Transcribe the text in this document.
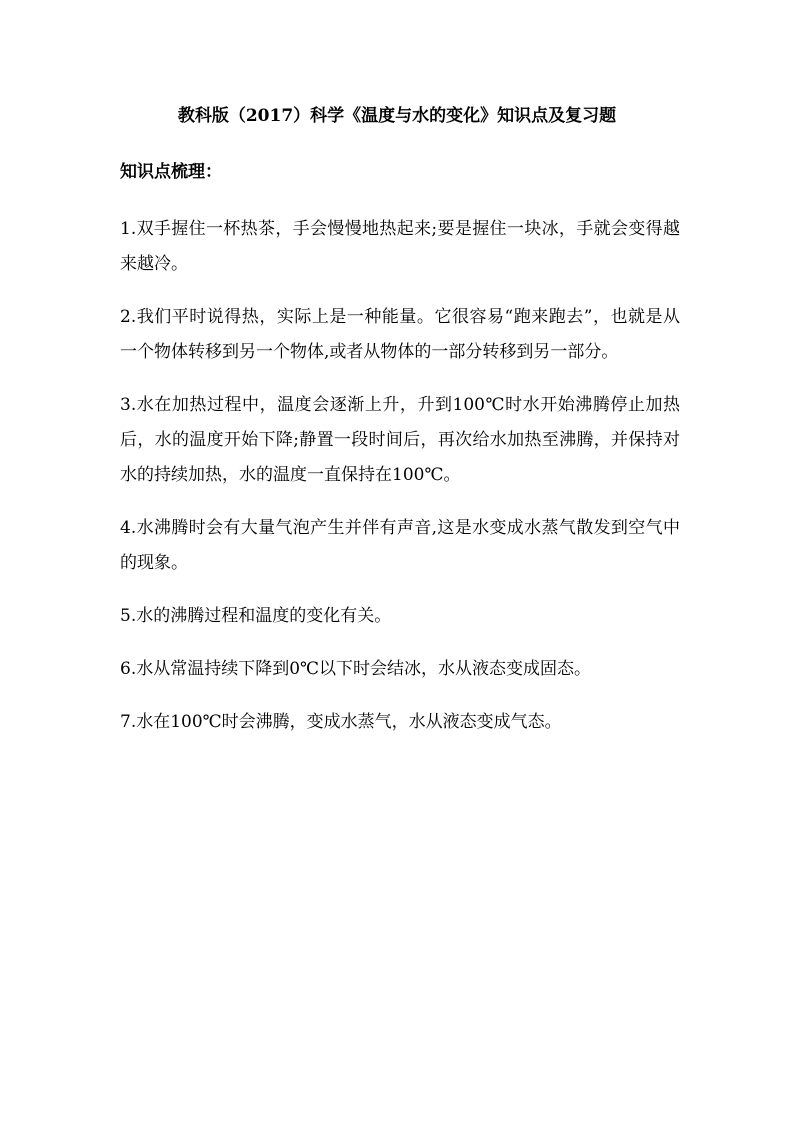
教科版（2017）科学《温度与水的变化》知识点及复习题
知识点梳理：

1.双手握住一杯热茶，手会慢慢地热起来;要是握住一块冰，手就会变得越来越冷。

2.我们平时说得热，实际上是一种能量。它很容易“跑来跑去”，也就是从一个物体转移到另一个物体,或者从物体的一部分转移到另一部分。

3.水在加热过程中，温度会逐渐上升，升到100℃时水开始沸腾停止加热后，水的温度开始下降;静置一段时间后，再次给水加热至沸腾，并保持对水的持续加热，水的温度一直保持在100℃。

4.水沸腾时会有大量气泡产生并伴有声音,这是水变成水蒸气散发到空气中的现象。

5.水的沸腾过程和温度的变化有关。

6.水从常温持续下降到0℃以下时会结冰，水从液态变成固态。

7.水在100℃时会沸腾，变成水蒸气，水从液态变成气态。
